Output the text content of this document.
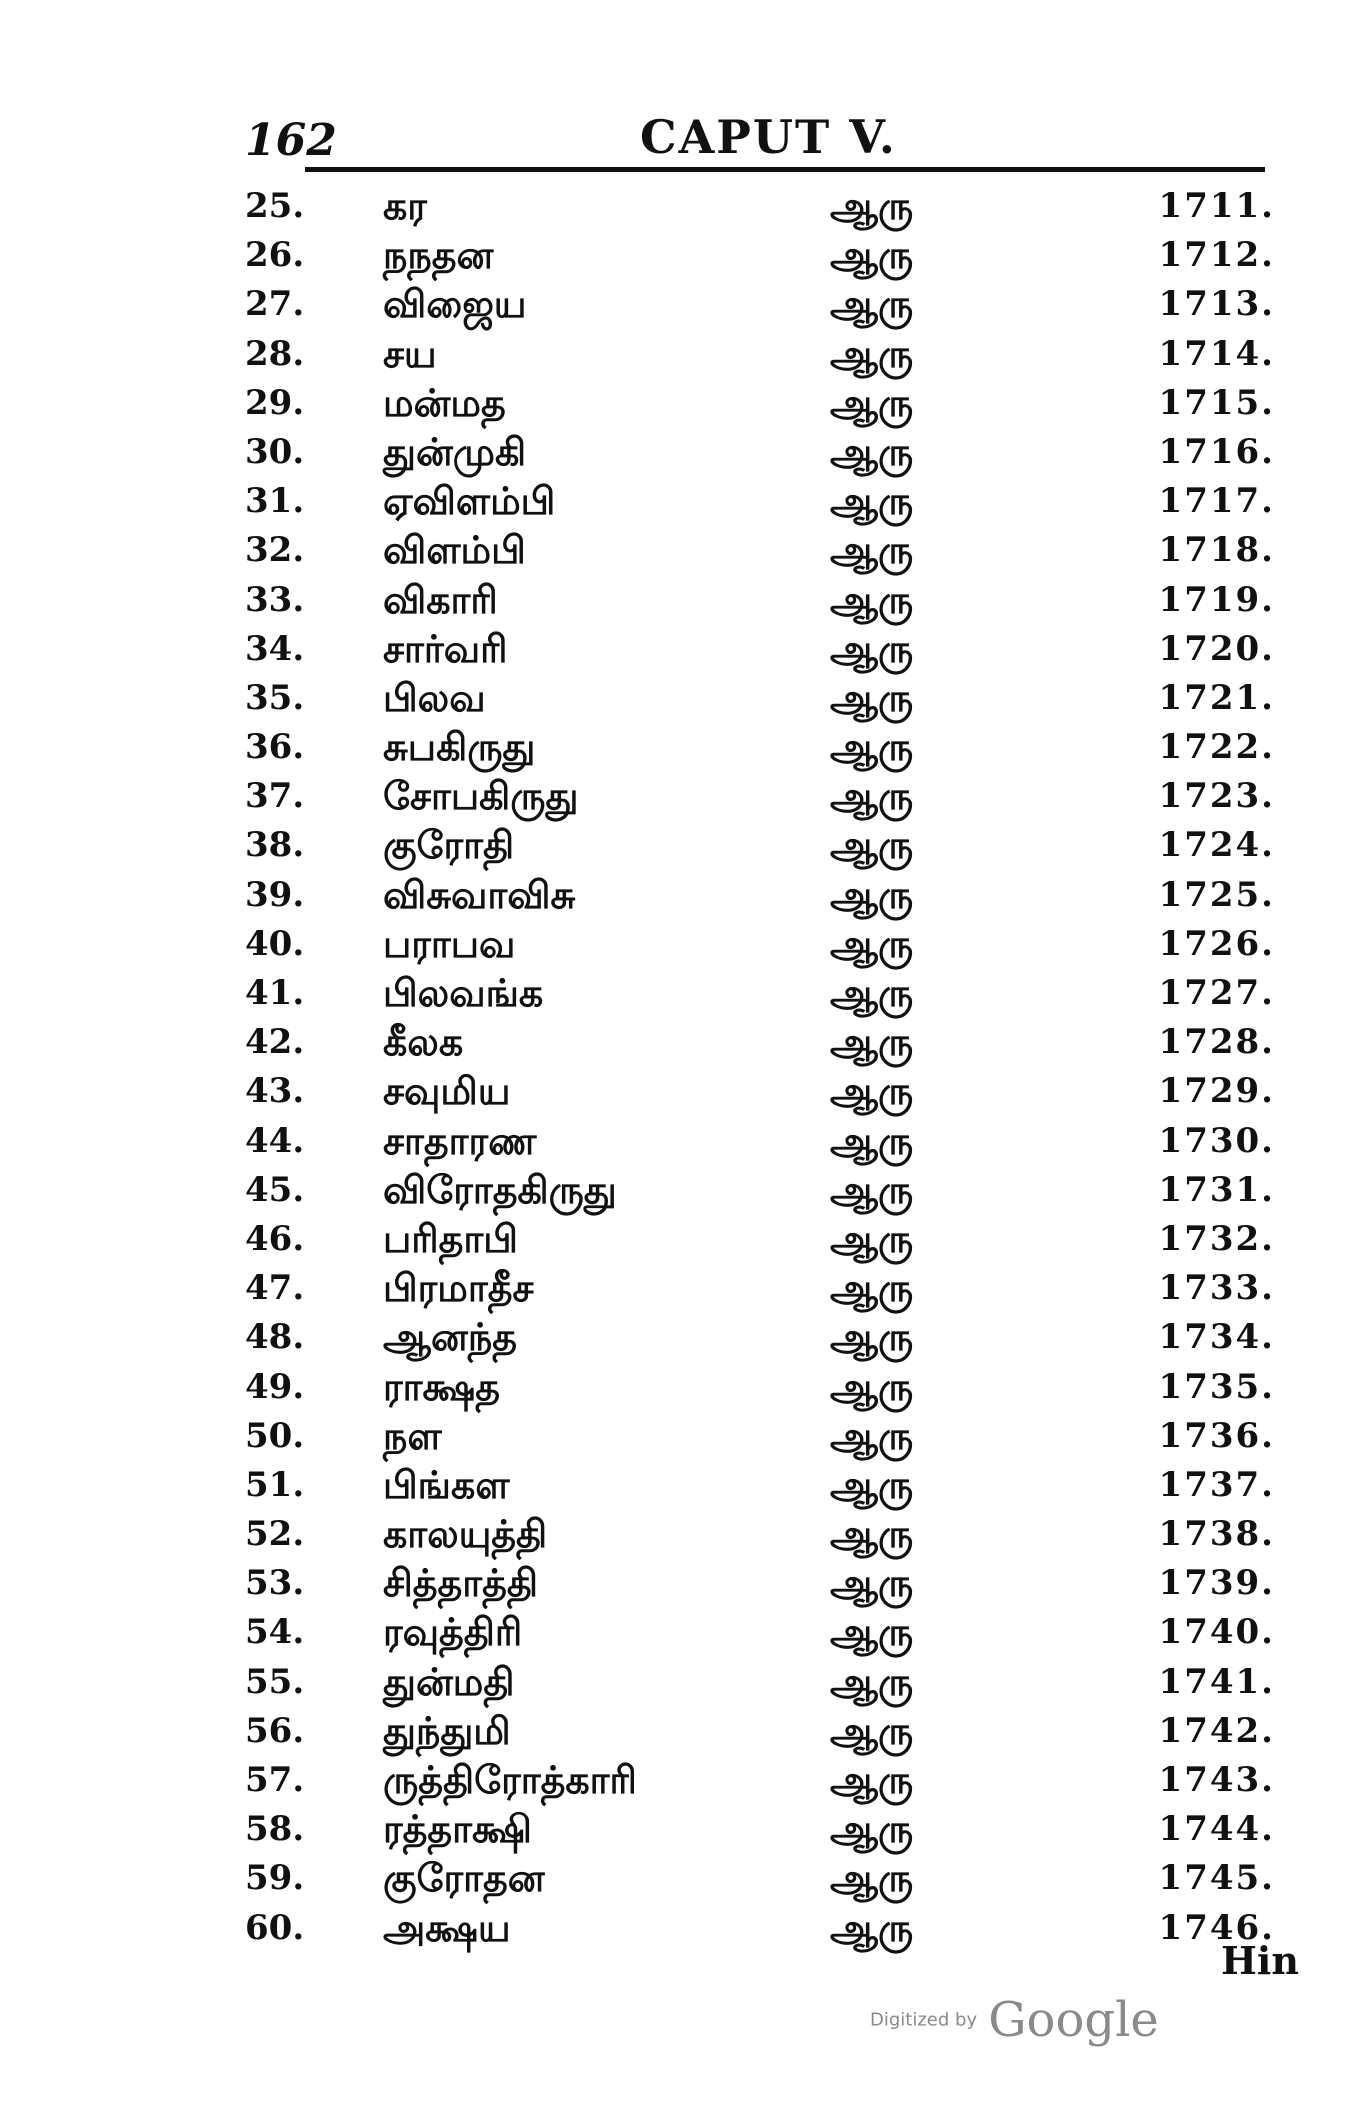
162	CAPUT V.
25.	கர	ஆரு	1711.
26.	நநதன	ஆரு	1712.
27.	விஜைய	ஆரு	1713.
28.	சய	ஆரு	1714.
29.	மன்மத	ஆரு	1715.
30.	துன்முகி	ஆரு	1716.
31.	ஏவிளம்பி	ஆரு	1717.
32.	விளம்பி	ஆரு	1718.
33.	விகாரி	ஆரு	1719.
34.	சார்வரி	ஆரு	1720.
35.	பிலவ	ஆரு	1721.
36.	சுபகிருது	ஆரு	1722.
37.	சோபகிருது	ஆரு	1723.
38.	குரோதி	ஆரு	1724.
39.	விசுவாவிசு	ஆரு	1725.
40.	பராபவ	ஆரு	1726.
41.	பிலவங்க	ஆரு	1727.
42.	கீலக	ஆரு	1728.
43.	சவுமிய	ஆரு	1729.
44.	சாதாரண	ஆரு	1730.
45.	விரோதகிருது	ஆரு	1731.
46.	பரிதாபி	ஆரு	1732.
47.	பிரமாதீச	ஆரு	1733.
48.	ஆனந்த	ஆரு	1734.
49.	ராக்ஷத	ஆரு	1735.
50.	நள	ஆரு	1736.
51.	பிங்கள	ஆரு	1737.
52.	காலயுத்தி	ஆரு	1738.
53.	சித்தாத்தி	ஆரு	1739.
54.	ரவுத்திரி	ஆரு	1740.
55.	துன்மதி	ஆரு	1741.
56.	துந்துமி	ஆரு	1742.
57.	ருத்திரோத்காரி	ஆரு	1743.
58.	ரத்தாக்ஷி	ஆரு	1744.
59.	குரோதன	ஆரு	1745.
60.	அக்ஷய	ஆரு	1746.
Hin
Digitized by Google
